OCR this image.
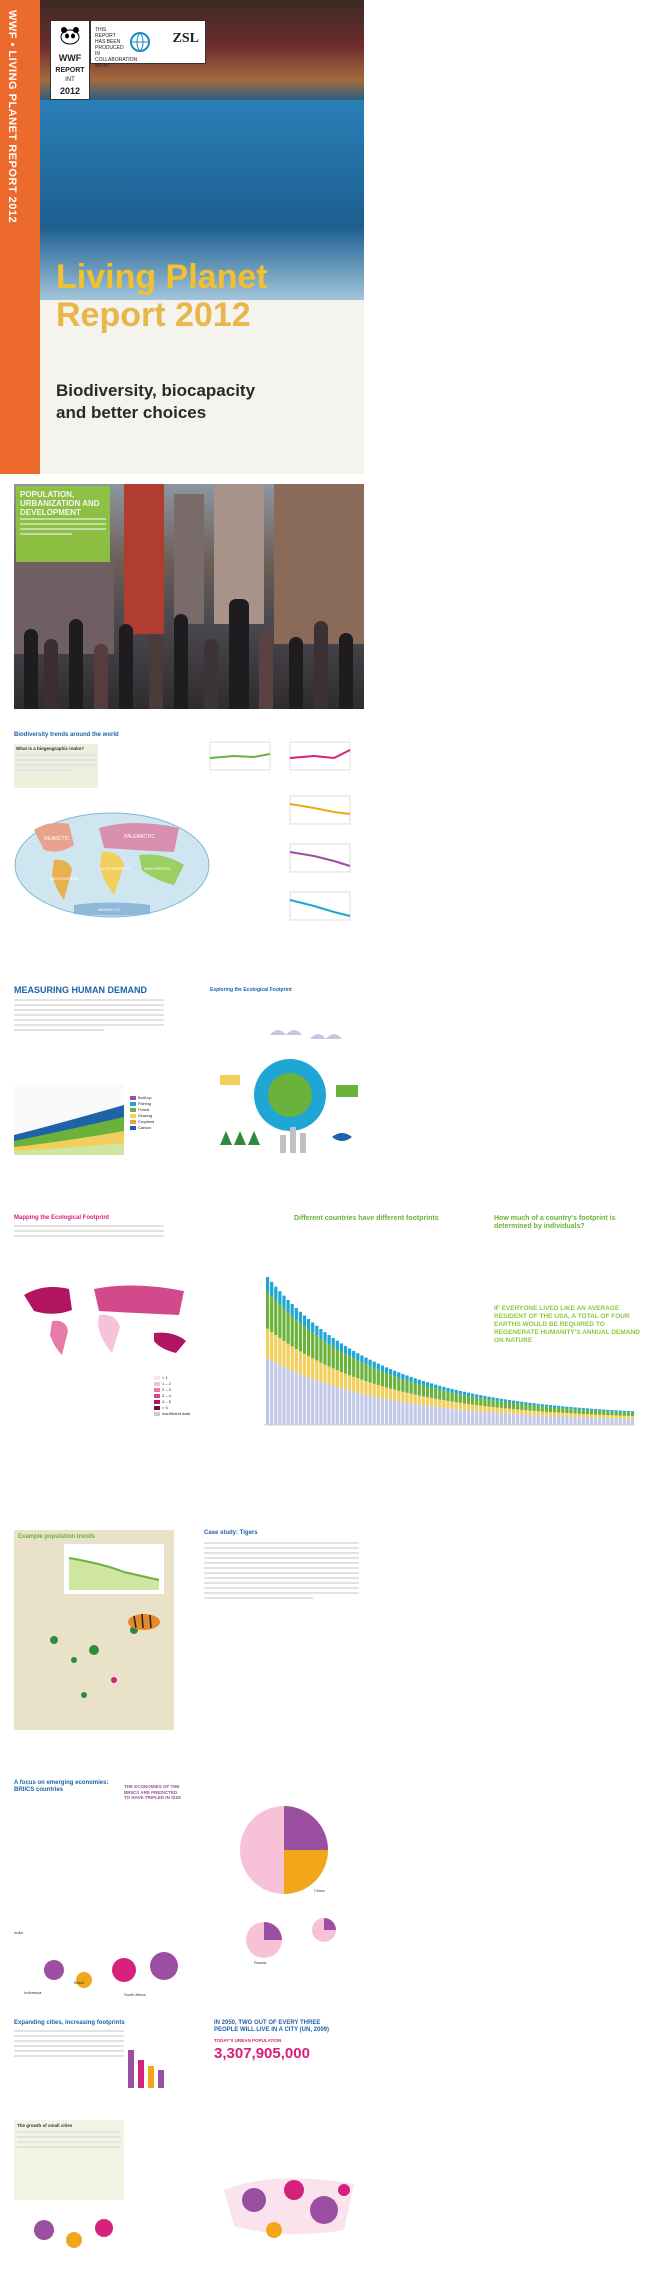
WWF • LIVING PLANET REPORT 2012	WWF
REPORT
INT
2012
THIS REPORT HAS BEEN PRODUCED IN COLLABORATION WITH:
ZSL
Living Planet
Report 2012
Biodiversity, biocapacity
and better choices
POPULATION,
URBANIZATION AND
DEVELOPMENT
Biodiversity trends around the world
What is a biogeographic realm?
NEARCTIC	PALEARCTIC
NEOTROPICAL
AFROTROPICAL	INDO-PACIFIC
ANTARCTIC
MEASURING HUMAN DEMAND
Built-up
Fishing
Forest
Grazing
Cropland
Carbon
Exploring the Ecological Footprint
Mapping the Ecological Footprint
< 1
1 – 2
2 – 3
3 – 4
4 – 5
> 5
Insufficient data
Different countries have different footprints	How much of a country's footprint is determined by individuals?
IF EVERYONE LIVED LIKE AN AVERAGE RESIDENT OF THE USA, A TOTAL OF FOUR EARTHS WOULD BE REQUIRED TO REGENERATE HUMANITY'S ANNUAL DEMAND ON NATURE
Example population trends
Case study: Tigers
A focus on emerging economies:
BRIICS countries
THE ECONOMIES OF THE BRIICS ARE PREDICTED TO HAVE TRIPLED IN SIZE
India
Brazil
Indonesia
China
Russia
South Africa
Expanding cities, increasing footprints
The growth of small cities
IN 2050, TWO OUT OF EVERY THREE
PEOPLE WILL LIVE IN A CITY (UN, 2009)
TODAY'S URBAN POPULATION
3,307,905,000
